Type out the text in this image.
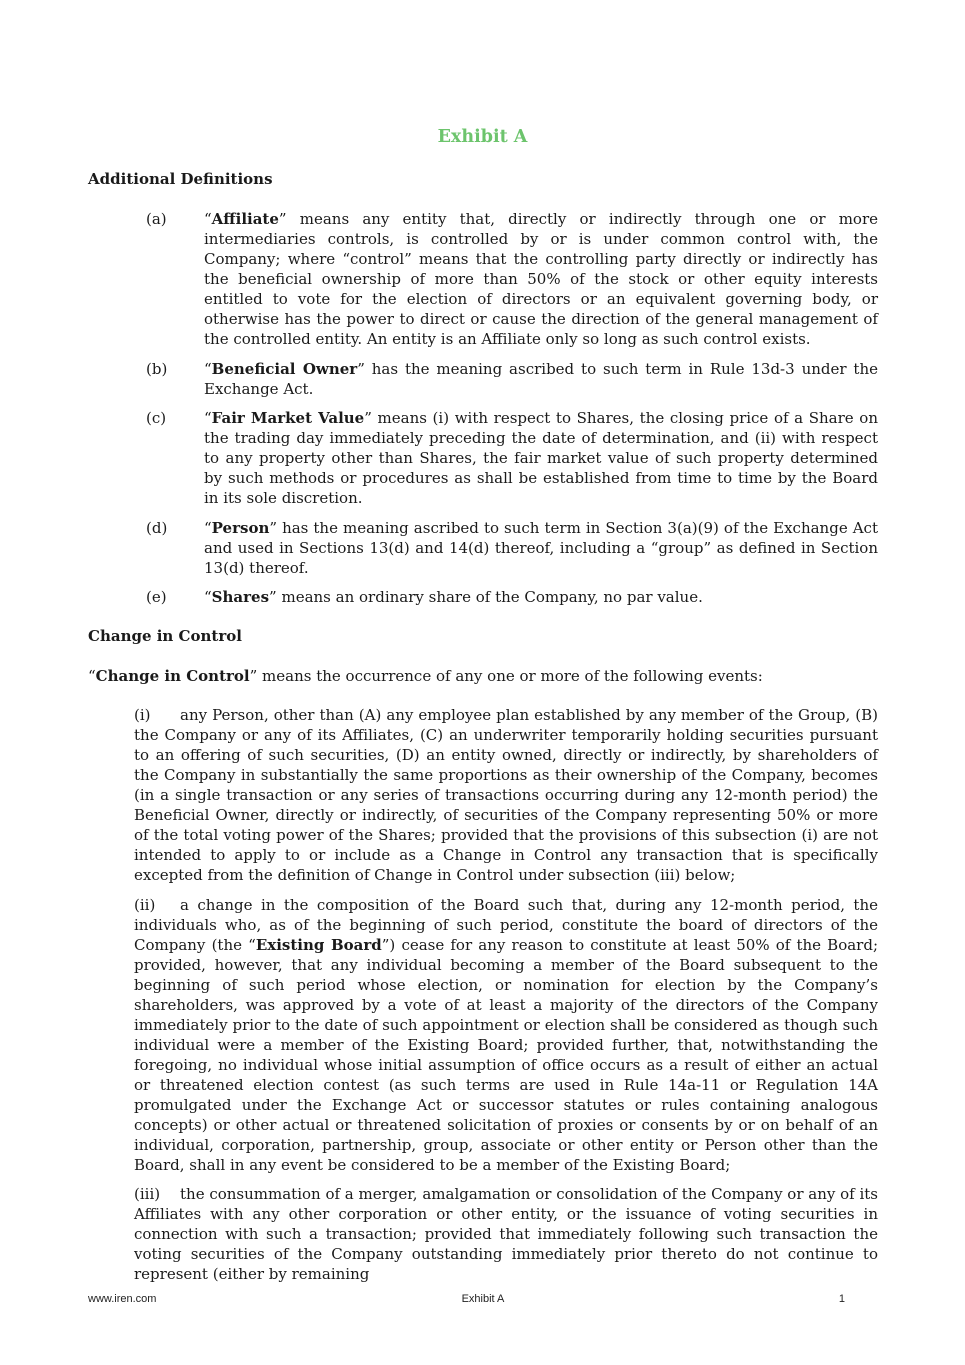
Exhibit A
Additional Definitions
(a)	“Affiliate” means any entity that, directly or indirectly through one or more intermediaries controls, is controlled by or is under common control with, the Company; where “control” means that the controlling party directly or indirectly has the beneficial ownership of more than 50% of the stock or other equity interests entitled to vote for the election of directors or an equivalent governing body, or otherwise has the power to direct or cause the direction of the general management of the controlled entity. An entity is an Affiliate only so long as such control exists.
(b)	“Beneficial Owner” has the meaning ascribed to such term in Rule 13d-3 under the Exchange Act.
(c)	“Fair Market Value” means (i) with respect to Shares, the closing price of a Share on the trading day immediately preceding the date of determination, and (ii) with respect to any property other than Shares, the fair market value of such property determined by such methods or procedures as shall be established from time to time by the Board in its sole discretion.
(d)	“Person” has the meaning ascribed to such term in Section 3(a)(9) of the Exchange Act and used in Sections 13(d) and 14(d) thereof, including a “group” as defined in Section 13(d) thereof.
(e)	“Shares” means an ordinary share of the Company, no par value.
Change in Control
“Change in Control” means the occurrence of any one or more of the following events:
(i) any Person, other than (A) any employee plan established by any member of the Group, (B) the Company or any of its Affiliates, (C) an underwriter temporarily holding securities pursuant to an offering of such securities, (D) an entity owned, directly or indirectly, by shareholders of the Company in substantially the same proportions as their ownership of the Company, becomes (in a single transaction or any series of transactions occurring during any 12-month period) the Beneficial Owner, directly or indirectly, of securities of the Company representing 50% or more of the total voting power of the Shares; provided that the provisions of this subsection (i) are not intended to apply to or include as a Change in Control any transaction that is specifically excepted from the definition of Change in Control under subsection (iii) below;
(ii) a change in the composition of the Board such that, during any 12-month period, the individuals who, as of the beginning of such period, constitute the board of directors of the Company (the “Existing Board”) cease for any reason to constitute at least 50% of the Board; provided, however, that any individual becoming a member of the Board subsequent to the beginning of such period whose election, or nomination for election by the Company’s shareholders, was approved by a vote of at least a majority of the directors of the Company immediately prior to the date of such appointment or election shall be considered as though such individual were a member of the Existing Board; provided further, that, notwithstanding the foregoing, no individual whose initial assumption of office occurs as a result of either an actual or threatened election contest (as such terms are used in Rule 14a-11 or Regulation 14A promulgated under the Exchange Act or successor statutes or rules containing analogous concepts) or other actual or threatened solicitation of proxies or consents by or on behalf of an individual, corporation, partnership, group, associate or other entity or Person other than the Board, shall in any event be considered to be a member of the Existing Board;
(iii) the consummation of a merger, amalgamation or consolidation of the Company or any of its Affiliates with any other corporation or other entity, or the issuance of voting securities in connection with such a transaction; provided that immediately following such transaction the voting securities of the Company outstanding immediately prior thereto do not continue to represent (either by remaining
www.iren.com	Exhibit A	1
